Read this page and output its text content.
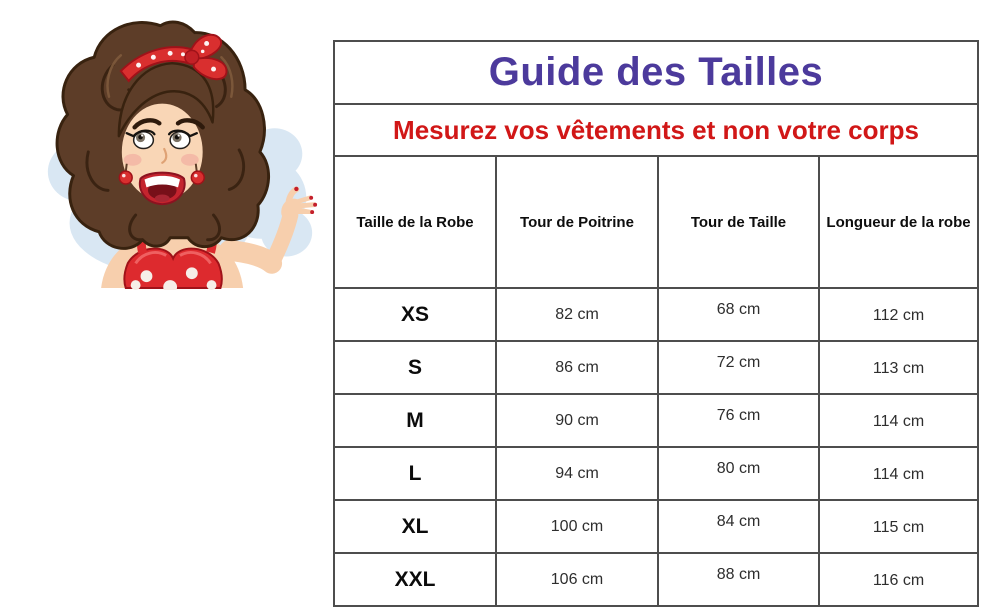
Guide des Tailles			
Mesurez vos vêtements et non votre corps			
Taille de la Robe	Tour de Poitrine	Tour de Taille	Longueur de la robe
XS	82 cm	68 cm	112 cm
S	86 cm	72 cm	113 cm
M	90 cm	76 cm	114 cm
L	94 cm	80 cm	114 cm
XL	100 cm	84 cm	115 cm
XXL	106 cm	88 cm	116 cm
